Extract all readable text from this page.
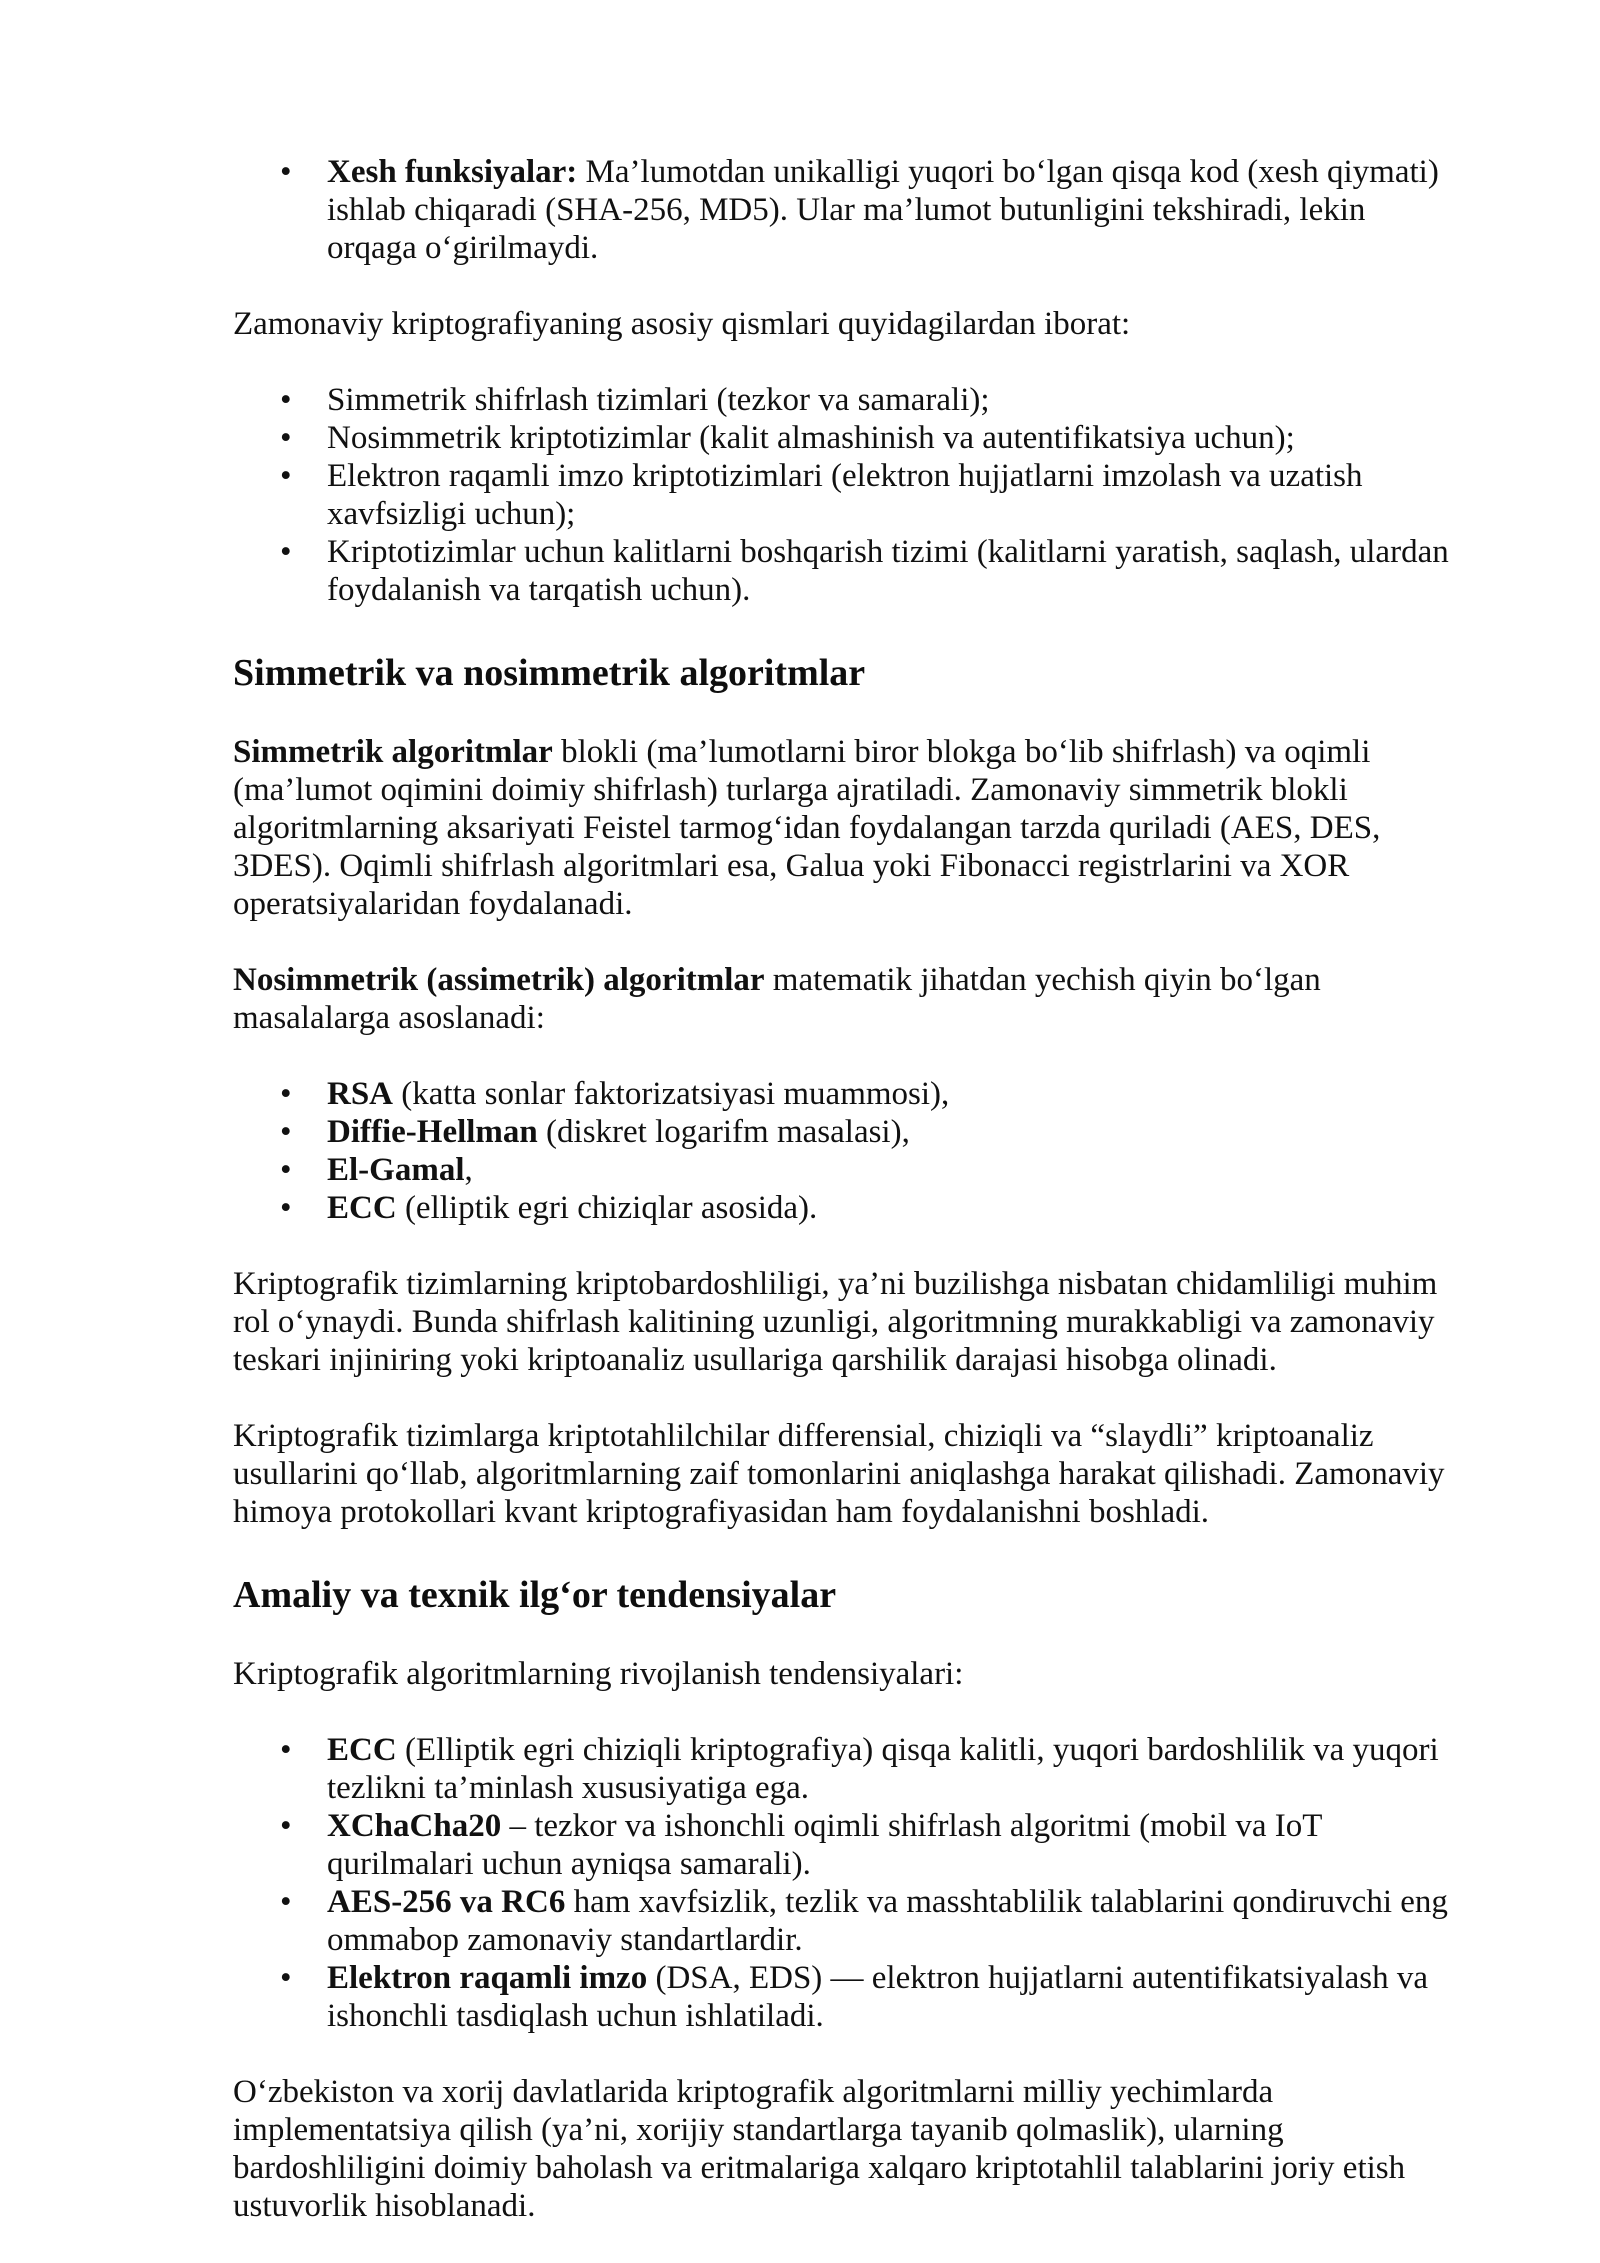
• Xesh funksiyalar: Ma’lumotdan unikalligi yuqori bo‘lgan qisqa kod (xesh qiymati) ishlab chiqaradi (SHA-256, MD5). Ular ma’lumot butunligini tekshiradi, lekin orqaga o‘girilmaydi.

Zamonaviy kriptografiyaning asosiy qismlari quyidagilardan iborat:

• Simmetrik shifrlash tizimlari (tezkor va samarali);
• Nosimmetrik kriptotizimlar (kalit almashinish va autentifikatsiya uchun);
• Elektron raqamli imzo kriptotizimlari (elektron hujjatlarni imzolash va uzatish xavfsizligi uchun);
• Kriptotizimlar uchun kalitlarni boshqarish tizimi (kalitlarni yaratish, saqlash, ulardan foydalanish va tarqatish uchun).
Simmetrik va nosimmetrik algoritmlar

Simmetrik algoritmlar blokli (ma’lumotlarni biror blokga bo‘lib shifrlash) va oqimli (ma’lumot oqimini doimiy shifrlash) turlarga ajratiladi. Zamonaviy simmetrik blokli algoritmlarning aksariyati Feistel tarmog‘idan foydalangan tarzda quriladi (AES, DES, 3DES). Oqimli shifrlash algoritmlari esa, Galua yoki Fibonacci registrlarini va XOR operatsiyalaridan foydalanadi.

Nosimmetrik (assimetrik) algoritmlar matematik jihatdan yechish qiyin bo‘lgan masalalarga asoslanadi:

• RSA (katta sonlar faktorizatsiyasi muammosi),
• Diffie-Hellman (diskret logarifm masalasi),
• El-Gamal,
• ECC (elliptik egri chiziqlar asosida).

Kriptografik tizimlarning kriptobardoshliligi, ya’ni buzilishga nisbatan chidamliligi muhim rol o‘ynaydi. Bunda shifrlash kalitining uzunligi, algoritmning murakkabligi va zamonaviy teskari injiniring yoki kriptoanaliz usullariga qarshilik darajasi hisobga olinadi.

Kriptografik tizimlarga kriptotahlilchilar differensial, chiziqli va “slaydli” kriptoanaliz usullarini qo‘llab, algoritmlarning zaif tomonlarini aniqlashga harakat qilishadi. Zamonaviy himoya protokollari kvant kriptografiyasidan ham foydalanishni boshladi.

Amaliy va texnik ilg‘or tendensiyalar

Kriptografik algoritmlarning rivojlanish tendensiyalari:

• ECC (Elliptik egri chiziqli kriptografiya) qisqa kalitli, yuqori bardoshlilik va yuqori tezlikni ta’minlash xususiyatiga ega.
• XChaCha20 – tezkor va ishonchli oqimli shifrlash algoritmi (mobil va IoT qurilmalari uchun ayniqsa samarali).
• AES-256 va RC6 ham xavfsizlik, tezlik va masshtablilik talablarini qondiruvchi eng ommabop zamonaviy standartlardir.
• Elektron raqamli imzo (DSA, EDS) — elektron hujjatlarni autentifikatsiyalash va ishonchli tasdiqlash uchun ishlatiladi.

O‘zbekiston va xorij davlatlarida kriptografik algoritmlarni milliy yechimlarda implementatsiya qilish (ya’ni, xorijiy standartlarga tayanib qolmaslik), ularning bardoshliligini doimiy baholash va eritmalariga xalqaro kriptotahlil talablarini joriy etish ustuvorlik hisoblanadi.
